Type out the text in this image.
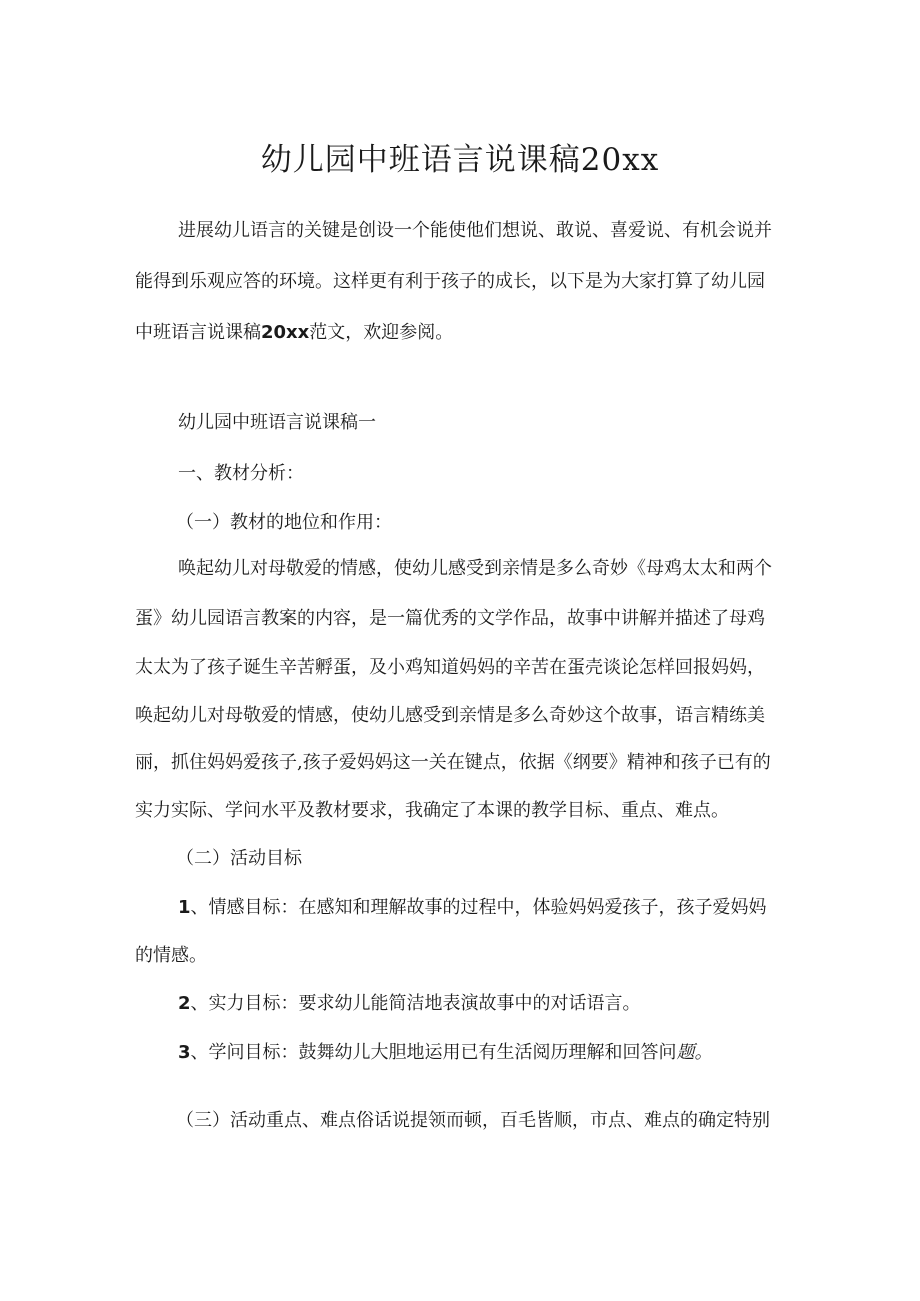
幼儿园中班语言说课稿20xx
进展幼儿语言的关键是创设一个能使他们想说、敢说、喜爱说、有机会说并
能得到乐观应答的环境。这样更有利于孩子的成长，以下是为大家打算了幼儿园
中班语言说课稿20xx范文，欢迎参阅。
幼儿园中班语言说课稿一
一、教材分析：
（一）教材的地位和作用：
唤起幼儿对母敬爱的情感，使幼儿感受到亲情是多么奇妙《母鸡太太和两个
蛋》幼儿园语言教案的内容，是一篇优秀的文学作品，故事中讲解并描述了母鸡
太太为了孩子诞生辛苦孵蛋，及小鸡知道妈妈的辛苦在蛋壳谈论怎样回报妈妈，
唤起幼儿对母敬爱的情感，使幼儿感受到亲情是多么奇妙这个故事，语言精练美
丽，抓住妈妈爱孩子,孩子爱妈妈这一关在键点，依据《纲要》精神和孩子已有的
实力实际、学问水平及教材要求，我确定了本课的教学目标、重点、难点。
（二）活动目标
1、情感目标：在感知和理解故事的过程中，体验妈妈爱孩子，孩子爱妈妈
的情感。
2、实力目标：要求幼儿能简洁地表演故事中的对话语言。
3、学问目标：鼓舞幼儿大胆地运用已有生活阅历理解和回答问题。
（三）活动重点、难点俗话说提领而顿，百毛皆顺，市点、难点的确定特别
